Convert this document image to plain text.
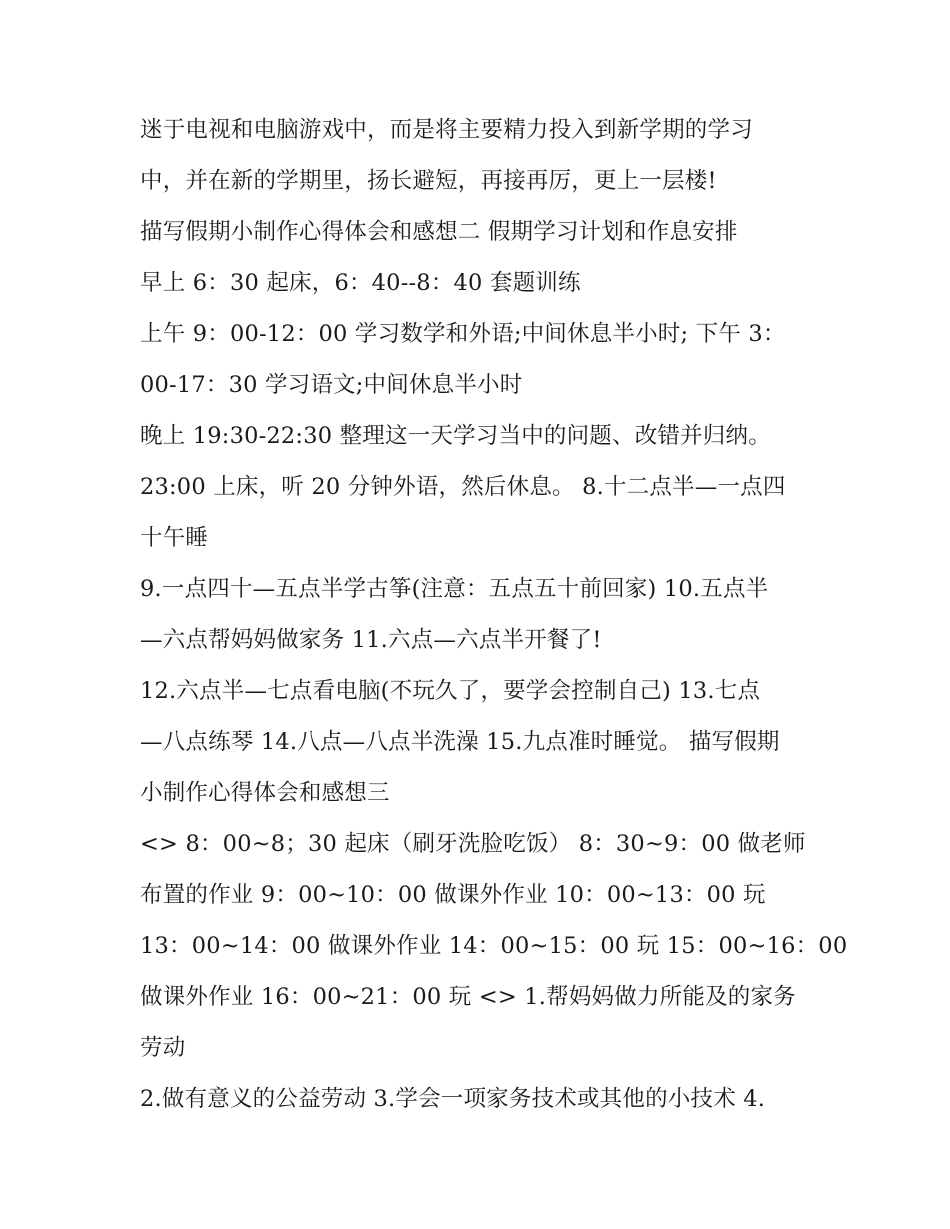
迷于电视和电脑游戏中，而是将主要精力投入到新学期的学习
中，并在新的学期里，扬长避短，再接再厉，更上一层楼!
描写假期小制作心得体会和感想二 假期学习计划和作息安排
早上 6：30 起床，6：40--8：40 套题训练
上午 9：00-12：00 学习数学和外语;中间休息半小时; 下午 3：
00-17：30 学习语文;中间休息半小时
晚上 19:30-22:30 整理这一天学习当中的问题、改错并归纳。
23:00 上床，听 20 分钟外语，然后休息。 8.十二点半—一点四
十午睡
9.一点四十—五点半学古筝(注意：五点五十前回家) 10.五点半
—六点帮妈妈做家务 11.六点—六点半开餐了!
12.六点半—七点看电脑(不玩久了，要学会控制自己) 13.七点
—八点练琴 14.八点—八点半洗澡 15.九点准时睡觉。 描写假期
小制作心得体会和感想三
<> 8：00~8；30 起床（刷牙洗脸吃饭） 8：30~9：00 做老师
布置的作业 9：00~10：00 做课外作业 10：00~13：00 玩
13：00~14：00 做课外作业 14：00~15：00 玩 15：00~16：00
做课外作业 16：00~21：00 玩 <> 1.帮妈妈做力所能及的家务
劳动
2.做有意义的公益劳动 3.学会一项家务技术或其他的小技术 4.
